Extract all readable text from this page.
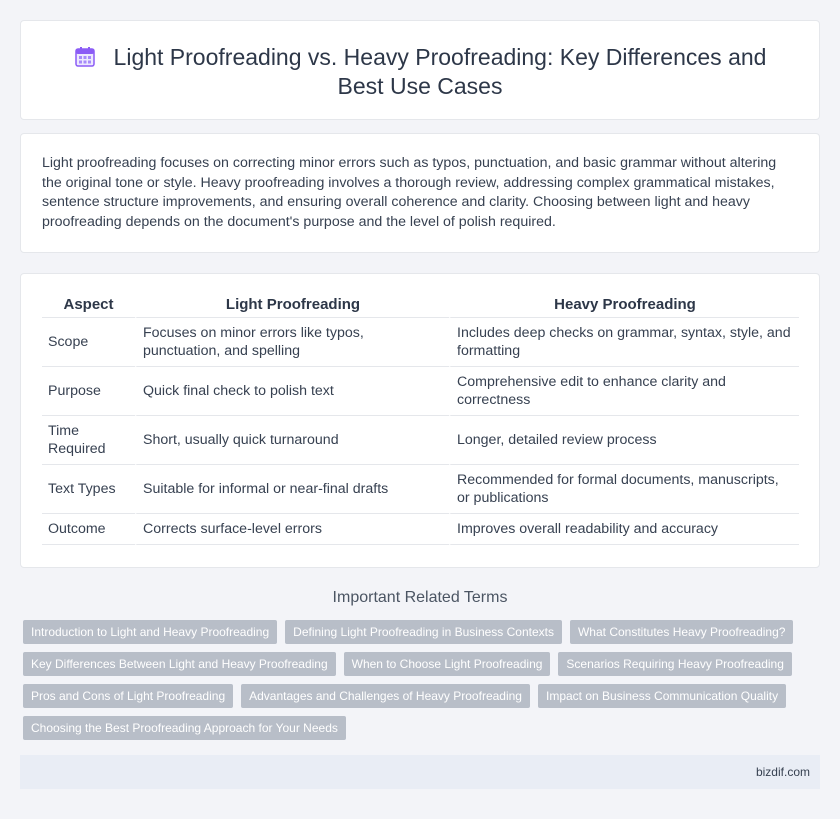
Light Proofreading vs. Heavy Proofreading: Key Differences and Best Use Cases

Light proofreading focuses on correcting minor errors such as typos, punctuation, and basic grammar without altering the original tone or style. Heavy proofreading involves a thorough review, addressing complex grammatical mistakes, sentence structure improvements, and ensuring overall coherence and clarity. Choosing between light and heavy proofreading depends on the document's purpose and the level of polish required.

Aspect	Light Proofreading	Heavy Proofreading
Scope	Focuses on minor errors like typos, punctuation, and spelling	Includes deep checks on grammar, syntax, style, and formatting
Purpose	Quick final check to polish text	Comprehensive edit to enhance clarity and correctness
Time Required	Short, usually quick turnaround	Longer, detailed review process
Text Types	Suitable for informal or near-final drafts	Recommended for formal documents, manuscripts, or publications
Outcome	Corrects surface-level errors	Improves overall readability and accuracy
Important Related Terms
Introduction to Light and Heavy Proofreading	Defining Light Proofreading in Business Contexts	What Constitutes Heavy Proofreading?
Key Differences Between Light and Heavy Proofreading	When to Choose Light Proofreading	Scenarios Requiring Heavy Proofreading
Pros and Cons of Light Proofreading	Advantages and Challenges of Heavy Proofreading	Impact on Business Communication Quality
Choosing the Best Proofreading Approach for Your Needs
bizdif.com
